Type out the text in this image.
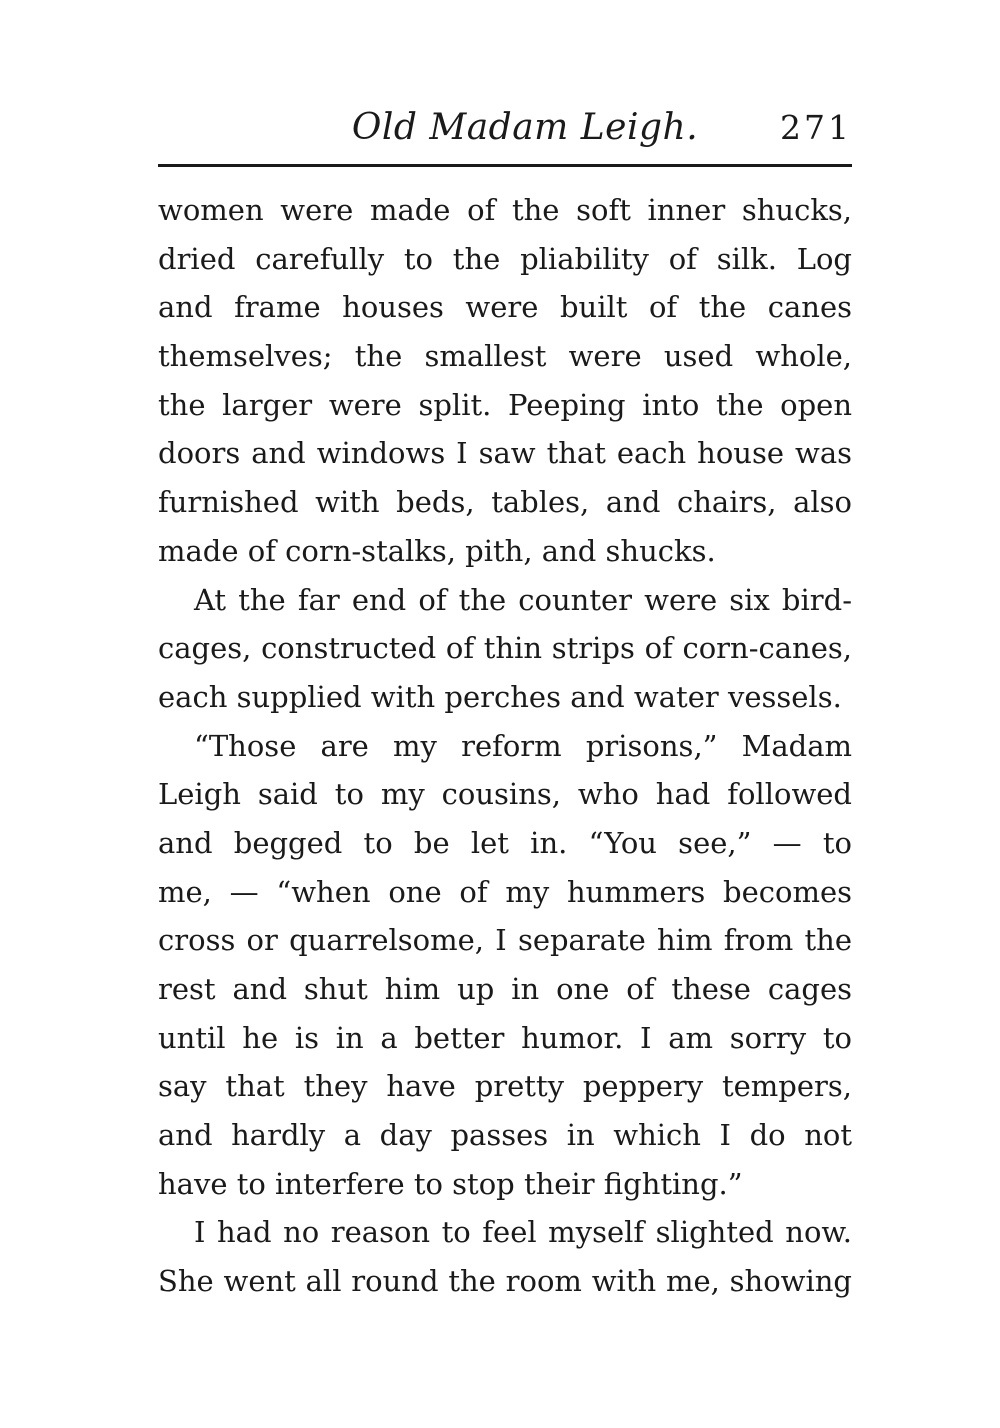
Old Madam Leigh.	271
women were made of the soft inner shucks,
dried carefully to the pliability of silk. Log
and frame houses were built of the canes
themselves; the smallest were used whole,
the larger were split. Peeping into the open
doors and windows I saw that each house was
furnished with beds, tables, and chairs, also
made of corn-stalks, pith, and shucks.
At the far end of the counter were six bird-
cages, constructed of thin strips of corn-canes,
each supplied with perches and water vessels.
“Those are my reform prisons,” Madam
Leigh said to my cousins, who had followed
and begged to be let in. “You see,” — to
me, — “when one of my hummers becomes
cross or quarrelsome, I separate him from the
rest and shut him up in one of these cages
until he is in a better humor. I am sorry to
say that they have pretty peppery tempers,
and hardly a day passes in which I do not
have to interfere to stop their fighting.”
I had no reason to feel myself slighted now.
She went all round the room with me, showing
